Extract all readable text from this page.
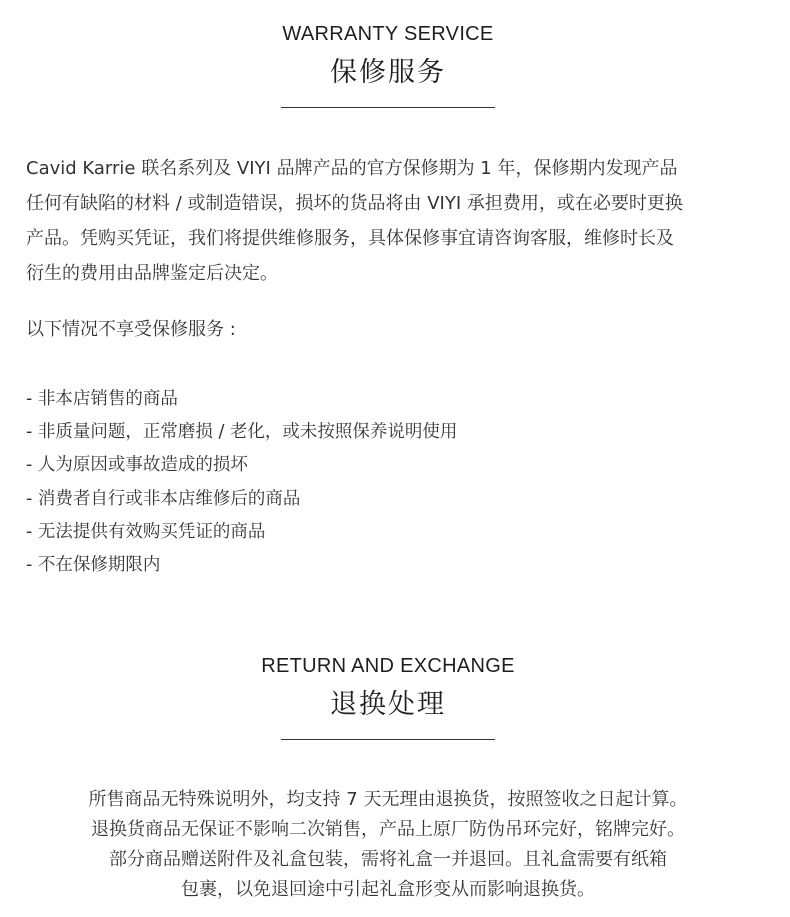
WARRANTY SERVICE
保修服务

Cavid Karrie 联名系列及 VIYI 品牌产品的官方保修期为 1 年，保修期内发现产品
任何有缺陷的材料 / 或制造错误，损坏的货品将由 VIYI 承担费用，或在必要时更换
产品。凭购买凭证，我们将提供维修服务，具体保修事宜请咨询客服，维修时长及
衍生的费用由品牌鉴定后决定。

以下情况不享受保修服务 :

- 非本店销售的商品
- 非质量问题，正常磨损 / 老化，或未按照保养说明使用
- 人为原因或事故造成的损坏
- 消费者自行或非本店维修后的商品
- 无法提供有效购买凭证的商品
- 不在保修期限内
RETURN AND EXCHANGE
退换处理

所售商品无特殊说明外，均支持 7 天无理由退换货，按照签收之日起计算。
退换货商品无保证不影响二次销售，产品上原厂防伪吊环完好，铭牌完好。
部分商品赠送附件及礼盒包装，需将礼盒一并退回。且礼盒需要有纸箱
包裹，以免退回途中引起礼盒形变从而影响退换货。
